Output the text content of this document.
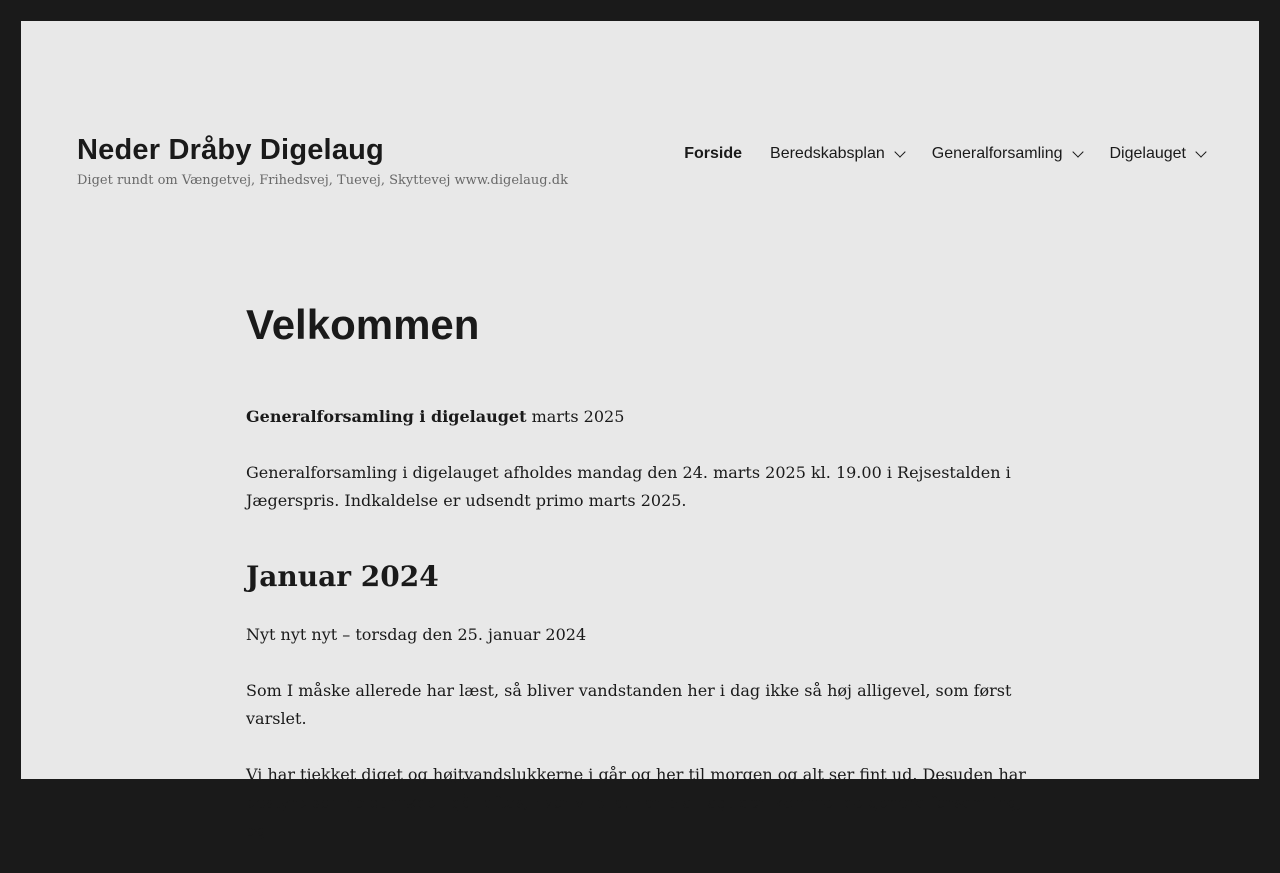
Neder Dråby Digelaug

Diget rundt om Vængetvej, Frihedsvej, Tuevej, Skyttevej www.digelaug.dk

Forside Beredskabsplan	Generalforsamling	Digelauget
Velkommen

Generalforsamling i digelauget marts 2025

Generalforsamling i digelauget afholdes mandag den 24. marts 2025 kl. 19.00 i Rejsestalden i Jægerspris. Indkaldelse er udsendt primo marts 2025.

Januar 2024

Nyt nyt nyt – torsdag den 25. januar 2024

Som I måske allerede har læst, så bliver vandstanden her i dag ikke så høj alligevel, som først varslet.

Vi har tjekket diget og højtvandslukkerne i går og her til morgen og alt ser fint ud. Desuden har bestyrelsen holdt møde i går aftes, hvor vi bl.a. har planlagt den kommende generalforsamling, og
